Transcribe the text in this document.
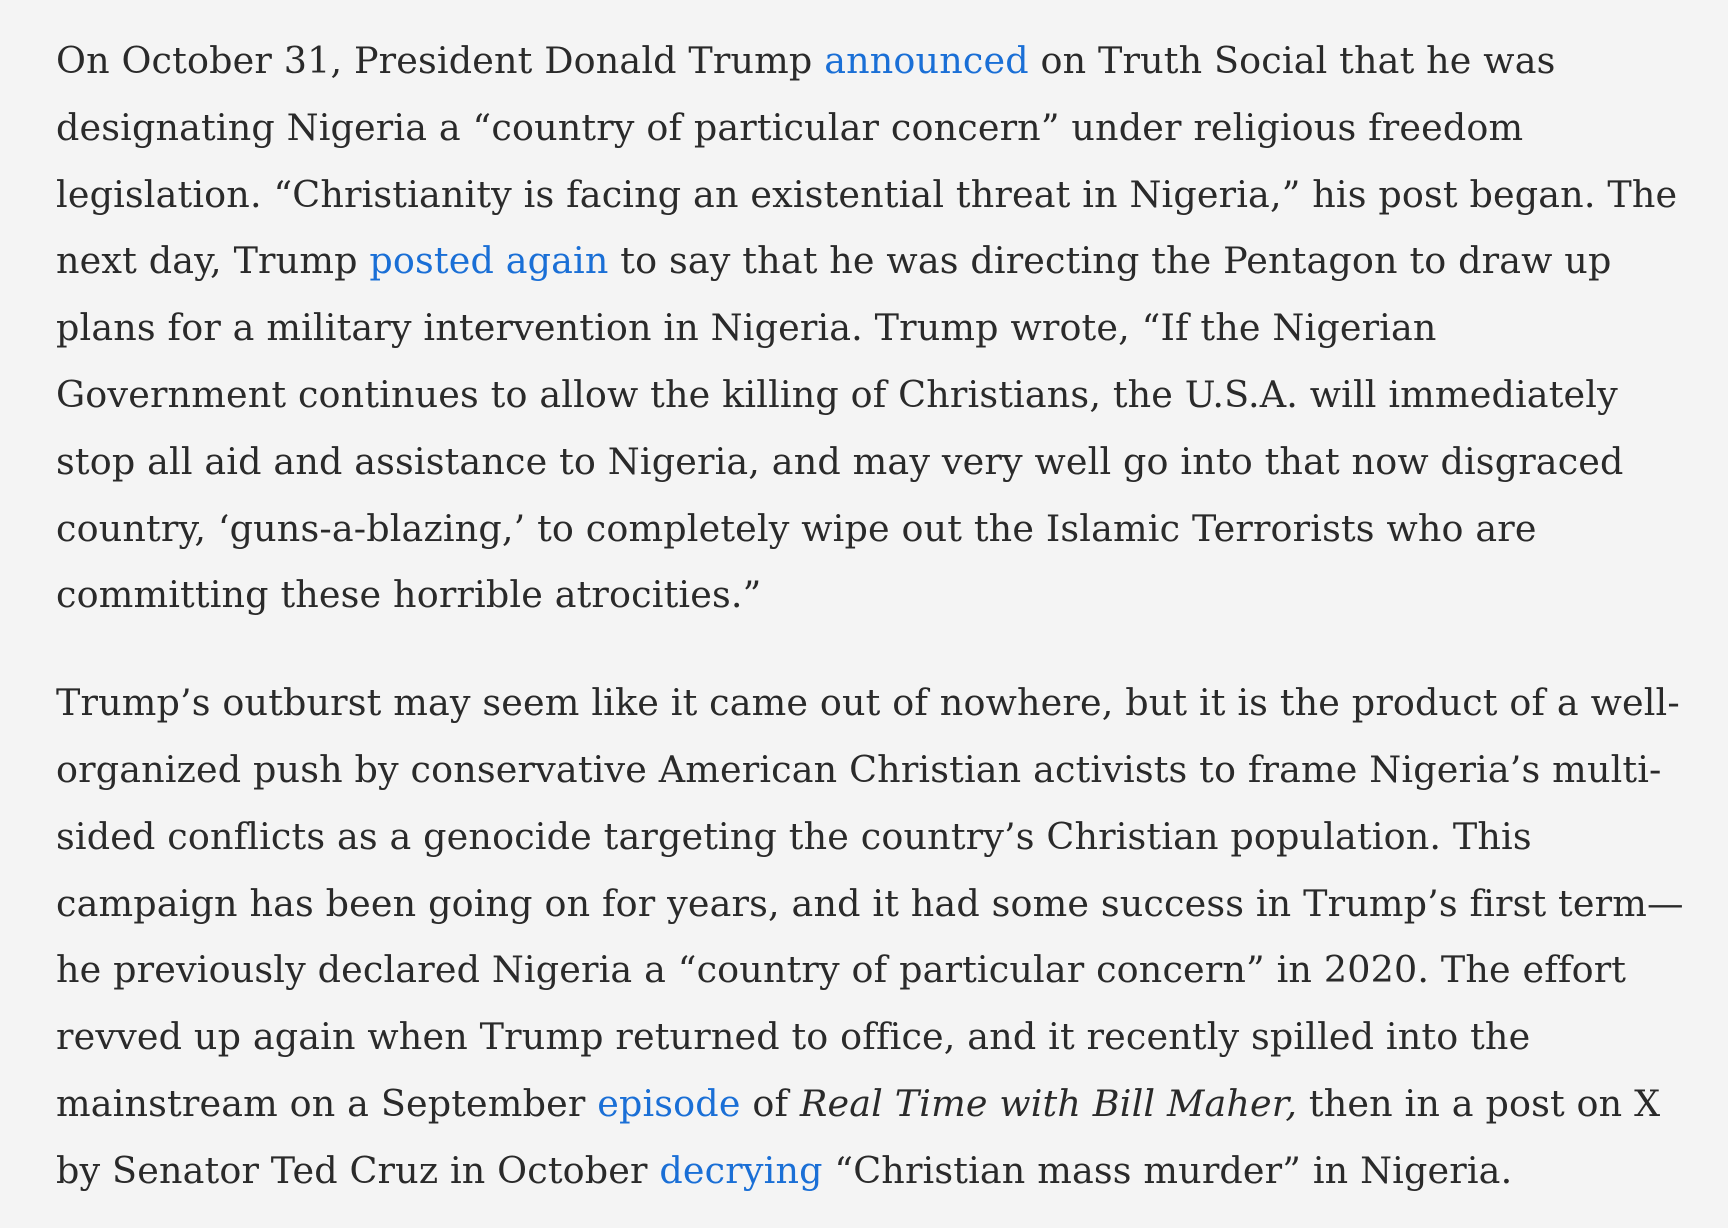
On October 31, President Donald Trump announced on Truth Social that he was
designating Nigeria a “country of particular concern” under religious freedom
legislation. “Christianity is facing an existential threat in Nigeria,” his post began. The
next day, Trump posted again to say that he was directing the Pentagon to draw up
plans for a military intervention in Nigeria. Trump wrote, “If the Nigerian
Government continues to allow the killing of Christians, the U.S.A. will immediately
stop all aid and assistance to Nigeria, and may very well go into that now disgraced
country, ‘guns-a-blazing,’ to completely wipe out the Islamic Terrorists who are
committing these horrible atrocities.”

Trump’s outburst may seem like it came out of nowhere, but it is the product of a well-
organized push by conservative American Christian activists to frame Nigeria’s multi-
sided conflicts as a genocide targeting the country’s Christian population. This
campaign has been going on for years, and it had some success in Trump’s first term—
he previously declared Nigeria a “country of particular concern” in 2020. The effort
revved up again when Trump returned to office, and it recently spilled into the
mainstream on a September episode of Real Time with Bill Maher, then in a post on X
by Senator Ted Cruz in October decrying “Christian mass murder” in Nigeria.
